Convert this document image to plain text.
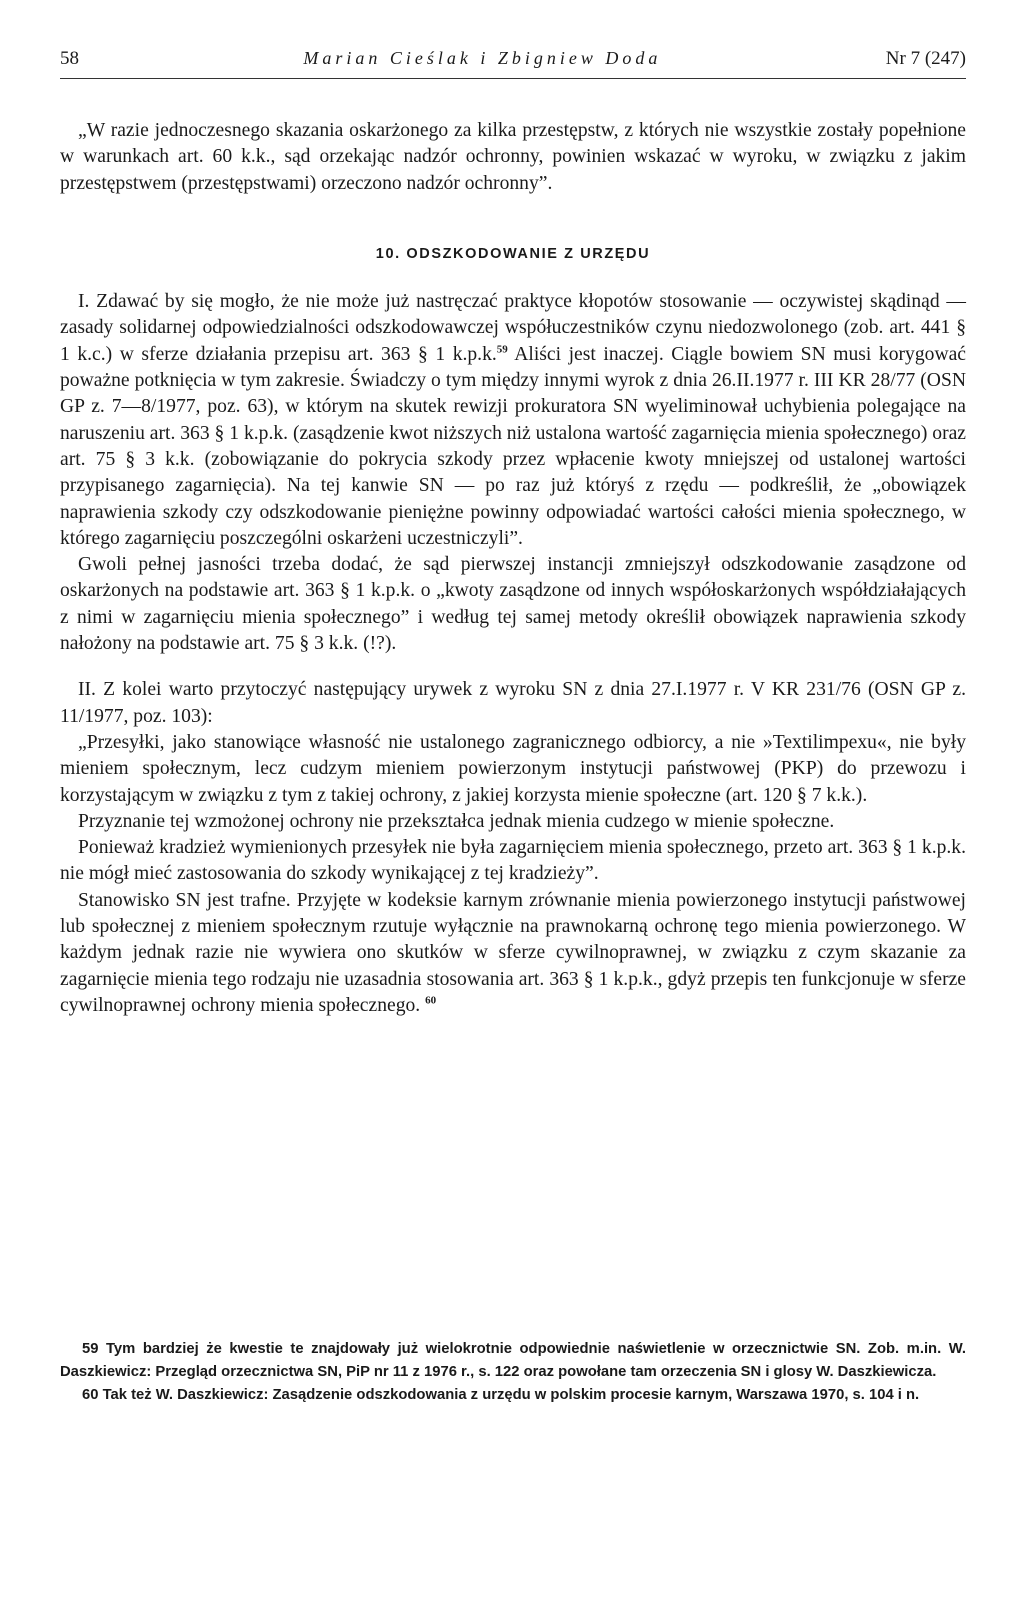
58	Marian Cieślak i Zbigniew Doda	Nr 7 (247)

„W razie jednoczesnego skazania oskarżonego za kilka przestępstw, z których nie wszystkie zostały popełnione w warunkach art. 60 k.k., sąd orzekając nadzór ochronny, powinien wskazać w wyroku, w związku z jakim przestępstwem (przestępstwami) orzeczono nadzór ochronny”.

10. ODSZKODOWANIE Z URZĘDU

I. Zdawać by się mogło, że nie może już nastręczać praktyce kłopotów stosowanie — oczywistej skądinąd — zasady solidarnej odpowiedzialności odszkodowawczej współuczestników czynu niedozwolonego (zob. art. 441 § 1 k.c.) w sferze działania przepisu art. 363 § 1 k.p.k.$^{59}$ Aliści jest inaczej. Ciągle bowiem SN musi korygować poważne potknięcia w tym zakresie. Świadczy o tym między innymi wyrok z dnia 26.II.1977 r. III KR 28/77 (OSN GP z. 7—8/1977, poz. 63), w którym na skutek rewizji prokuratora SN wyeliminował uchybienia polegające na naruszeniu art. 363 § 1 k.p.k. (zasądzenie kwot niższych niż ustalona wartość zagarnięcia mienia społecznego) oraz art. 75 § 3 k.k. (zobowiązanie do pokrycia szkody przez wpłacenie kwoty mniejszej od ustalonej wartości przypisanego zagarnięcia). Na tej kanwie SN — po raz już któryś z rzędu — podkreślił, że „obowiązek naprawienia szkody czy odszkodowanie pieniężne powinny odpowiadać wartości całości mienia społecznego, w którego zagarnięciu poszczególni oskarżeni uczestniczyli”.

Gwoli pełnej jasności trzeba dodać, że sąd pierwszej instancji zmniejszył odszkodowanie zasądzone od oskarżonych na podstawie art. 363 § 1 k.p.k. o „kwoty zasądzone od innych współoskarżonych współdziałających z nimi w zagarnięciu mienia społecznego” i według tej samej metody określił obowiązek naprawienia szkody nałożony na podstawie art. 75 § 3 k.k. (!?).

II. Z kolei warto przytoczyć następujący urywek z wyroku SN z dnia 27.I.1977 r. V KR 231/76 (OSN GP z. 11/1977, poz. 103):

„Przesyłki, jako stanowiące własność nie ustalonego zagranicznego odbiorcy, a nie »Textilimpexu«, nie były mieniem społecznym, lecz cudzym mieniem powierzonym instytucji państwowej (PKP) do przewozu i korzystającym w związku z tym z takiej ochrony, z jakiej korzysta mienie społeczne (art. 120 § 7 k.k.).

Przyznanie tej wzmożonej ochrony nie przekształca jednak mienia cudzego w mienie społeczne.

Ponieważ kradzież wymienionych przesyłek nie była zagarnięciem mienia społecznego, przeto art. 363 § 1 k.p.k. nie mógł mieć zastosowania do szkody wynikającej z tej kradzieży”.

Stanowisko SN jest trafne. Przyjęte w kodeksie karnym zrównanie mienia powierzonego instytucji państwowej lub społecznej z mieniem społecznym rzutuje wyłącznie na prawnokarną ochronę tego mienia powierzonego. W każdym jednak razie nie wywiera ono skutków w sferze cywilnoprawnej, w związku z czym skazanie za zagarnięcie mienia tego rodzaju nie uzasadnia stosowania art. 363 § 1 k.p.k., gdyż przepis ten funkcjonuje w sferze cywilnoprawnej ochrony mienia społecznego. $^{60}$

59 Tym bardziej że kwestie te znajdowały już wielokrotnie odpowiednie naświetlenie w orzecznictwie SN. Zob. m.in. W. Daszkiewicz: Przegląd orzecznictwa SN, PiP nr 11 z 1976 r., s. 122 oraz powołane tam orzeczenia SN i glosy W. Daszkiewicza.

60 Tak też W. Daszkiewicz: Zasądzenie odszkodowania z urzędu w polskim procesie karnym, Warszawa 1970, s. 104 i n.
